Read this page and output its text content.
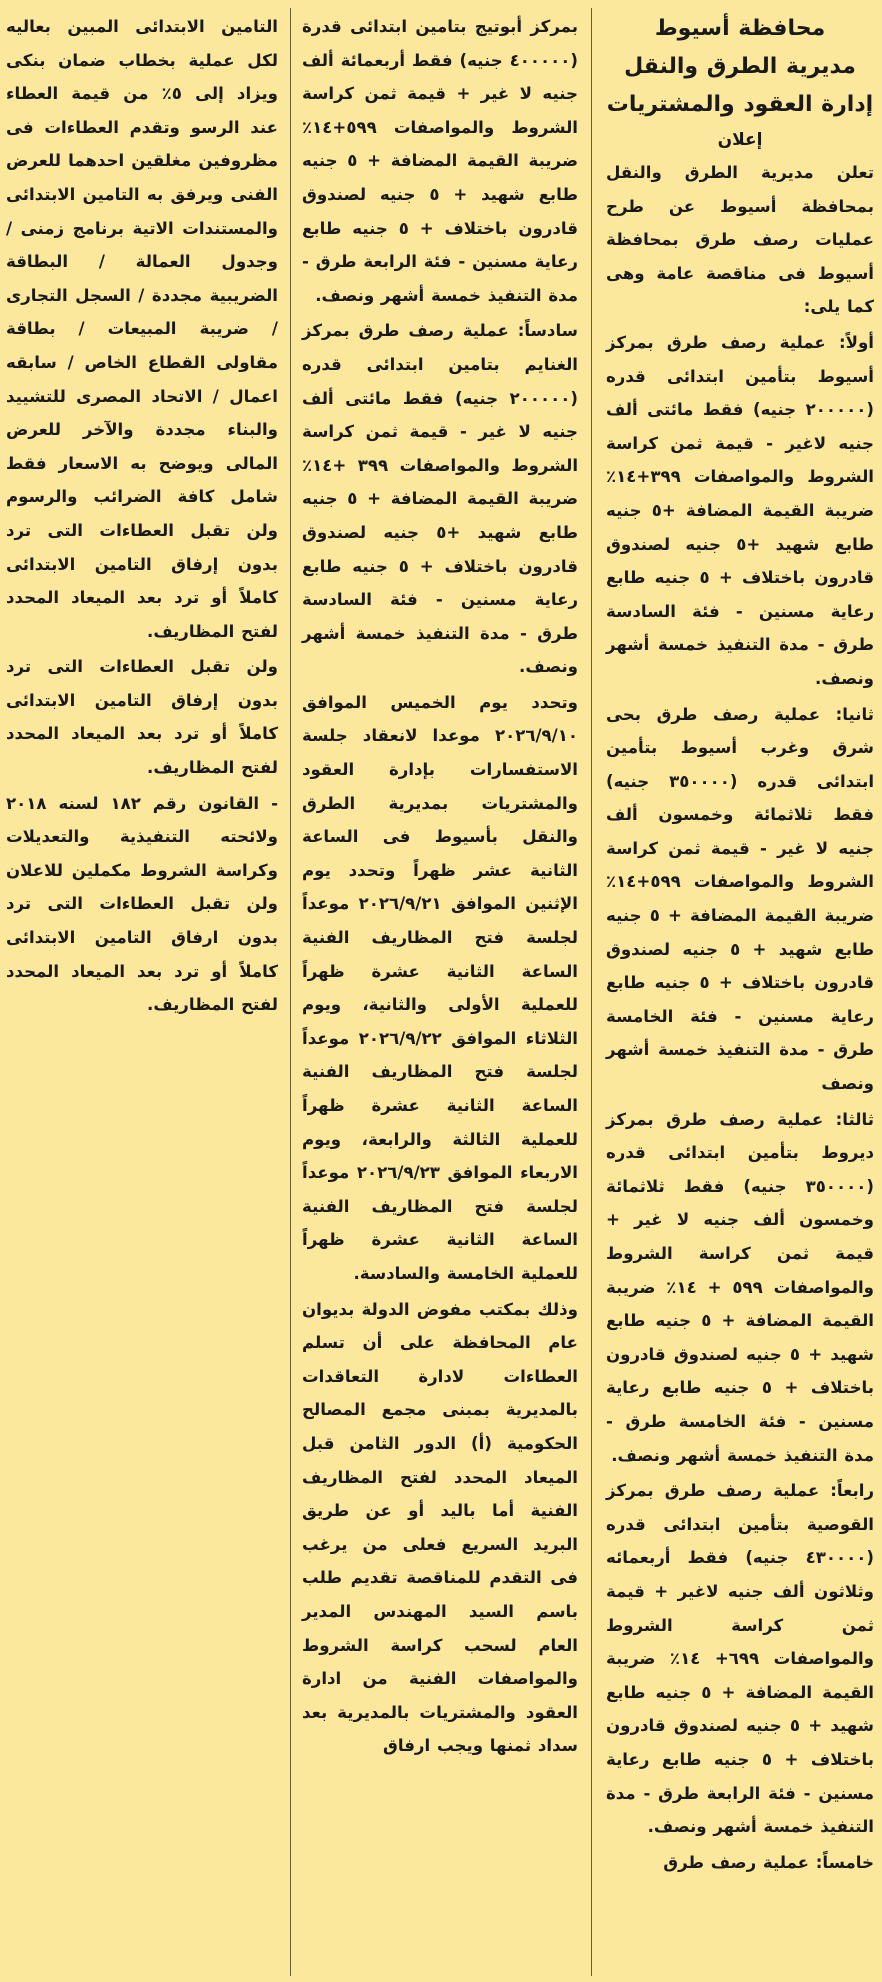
محافظة أسيوط

مديرية الطرق والنقل

إدارة العقود والمشتريات

إعلان

تعلن مديرية الطرق والنقل بمحافظة أسيوط عن طرح عمليات رصف طرق بمحافظة أسيوط فى مناقصة عامة وهى كما يلى:

أولاً: عملية رصف طرق بمركز أسيوط بتأمين ابتدائى قدره (٢٠٠٠٠٠ جنيه) فقط مائتى ألف جنيه لاغير - قيمة ثمن كراسة الشروط والمواصفات ٣٩٩+١٤٪ ضريبة القيمة المضافة +٥ جنيه طابع شهيد +٥ جنيه لصندوق قادرون باختلاف + ٥ جنيه طابع رعاية مسنين - فئة السادسة طرق - مدة التنفيذ خمسة أشهر ونصف.

ثانيا: عملية رصف طرق بحى شرق وغرب أسيوط بتأمين ابتدائى قدره (٣٥٠٠٠٠ جنيه) فقط ثلاثمائة وخمسون ألف جنيه لا غير - قيمة ثمن كراسة الشروط والمواصفات ٥٩٩+١٤٪ ضريبة القيمة المضافة + ٥ جنيه طابع شهيد + ٥ جنيه لصندوق قادرون باختلاف + ٥ جنيه طابع رعاية مسنين - فئة الخامسة طرق - مدة التنفيذ خمسة أشهر ونصف

ثالثا: عملية رصف طرق بمركز ديروط بتأمين ابتدائى قدره (٣٥٠٠٠٠ جنيه) فقط ثلاثمائة وخمسون ألف جنيه لا غير + قيمة ثمن كراسة الشروط والمواصفات ٥٩٩ + ١٤٪ ضريبة القيمة المضافة + ٥ جنيه طابع شهيد + ٥ جنيه لصندوق قادرون باختلاف + ٥ جنيه طابع رعاية مسنين - فئة الخامسة طرق - مدة التنفيذ خمسة أشهر ونصف.

رابعاً: عملية رصف طرق بمركز القوصية بتأمين ابتدائى قدره (٤٣٠٠٠٠ جنيه) فقط أربعمائه وثلاثون ألف جنيه لاغير + قيمة ثمن كراسة الشروط والمواصفات ٦٩٩+ ١٤٪ ضريبة القيمة المضافة + ٥ جنيه طابع شهيد + ٥ جنيه لصندوق قادرون باختلاف + ٥ جنيه طابع رعاية مسنين - فئة الرابعة طرق - مدة التنفيذ خمسة أشهر ونصف.

خامساً: عملية رصف طرق

بمركز أبوتيج بتامين ابتدائى قدرة (٤٠٠٠٠٠ جنيه) فقط أربعمائة ألف جنيه لا غير + قيمة ثمن كراسة الشروط والمواصفات ٥٩٩+١٤٪ ضريبة القيمة المضافة + ٥ جنيه طابع شهيد + ٥ جنيه لصندوق قادرون باختلاف + ٥ جنيه طابع رعاية مسنين - فئة الرابعة طرق - مدة التنفيذ خمسة أشهر ونصف.

سادساً: عملية رصف طرق بمركز الغنايم بتامين ابتدائى قدره (٢٠٠٠٠٠ جنيه) فقط مائتى ألف جنيه لا غير - قيمة ثمن كراسة الشروط والمواصفات ٣٩٩ +١٤٪ ضريبة القيمة المضافة + ٥ جنيه طابع شهيد +٥ جنيه لصندوق قادرون باختلاف + ٥ جنيه طابع رعاية مسنين - فئة السادسة طرق - مدة التنفيذ خمسة أشهر ونصف.

وتحدد يوم الخميس الموافق ٢٠٢٦/٩/١٠ موعدا لانعقاد جلسة الاستفسارات بإدارة العقود والمشتريات بمديرية الطرق والنقل بأسيوط فى الساعة الثانية عشر ظهراً وتحدد يوم الإثنين الموافق ٢٠٢٦/٩/٢١ موعداً لجلسة فتح المظاريف الفنية الساعة الثانية عشرة ظهراً للعملية الأولى والثانية، ويوم الثلاثاء الموافق ٢٠٢٦/٩/٢٢ موعداً لجلسة فتح المظاريف الفنية الساعة الثانية عشرة ظهراً للعملية الثالثة والرابعة، ويوم الاربعاء الموافق ٢٠٢٦/٩/٢٣ موعداً لجلسة فتح المظاريف الفنية الساعة الثانية عشرة ظهراً للعملية الخامسة والسادسة.

وذلك بمكتب مفوض الدولة بديوان عام المحافظة على أن تسلم العطاءات لادارة التعاقدات بالمديرية بمبنى مجمع المصالح الحكومية (أ) الدور الثامن قبل الميعاد المحدد لفتح المظاريف الفنية أما باليد أو عن طريق البريد السريع فعلى من يرغب فى التقدم للمناقصة تقديم طلب باسم السيد المهندس المدير العام لسحب كراسة الشروط والمواصفات الفنية من ادارة العقود والمشتريات بالمديرية بعد سداد ثمنها ويجب ارفاق

التامين الابتدائى المبين بعاليه لكل عملية بخطاب ضمان بنكى ويزاد إلى ٥٪ من قيمة العطاء عند الرسو وتقدم العطاءات فى مظروفين مغلقين احدهما للعرض الفنى ويرفق به التامين الابتدائى والمستندات الاتية برنامج زمنى / وجدول العمالة / البطاقة الضريبية مجددة / السجل التجارى / ضريبة المبيعات / بطاقة مقاولى القطاع الخاص / سابقه اعمال / الاتحاد المصرى للتشييد والبناء مجددة والآخر للعرض المالى ويوضح به الاسعار فقط شامل كافة الضرائب والرسوم ولن تقبل العطاءات التى ترد بدون إرفاق التامين الابتدائى كاملاً أو ترد بعد الميعاد المحدد لفتح المظاريف.

ولن تقبل العطاءات التى ترد بدون إرفاق التامين الابتدائى كاملاً أو ترد بعد الميعاد المحدد لفتح المظاريف.

- القانون رقم ١٨٢ لسنه ٢٠١٨ ولائحته التنفيذية والتعديلات وكراسة الشروط مكملين للاعلان ولن تقبل العطاءات التى ترد بدون ارفاق التامين الابتدائى كاملاً أو ترد بعد الميعاد المحدد لفتح المظاريف.
